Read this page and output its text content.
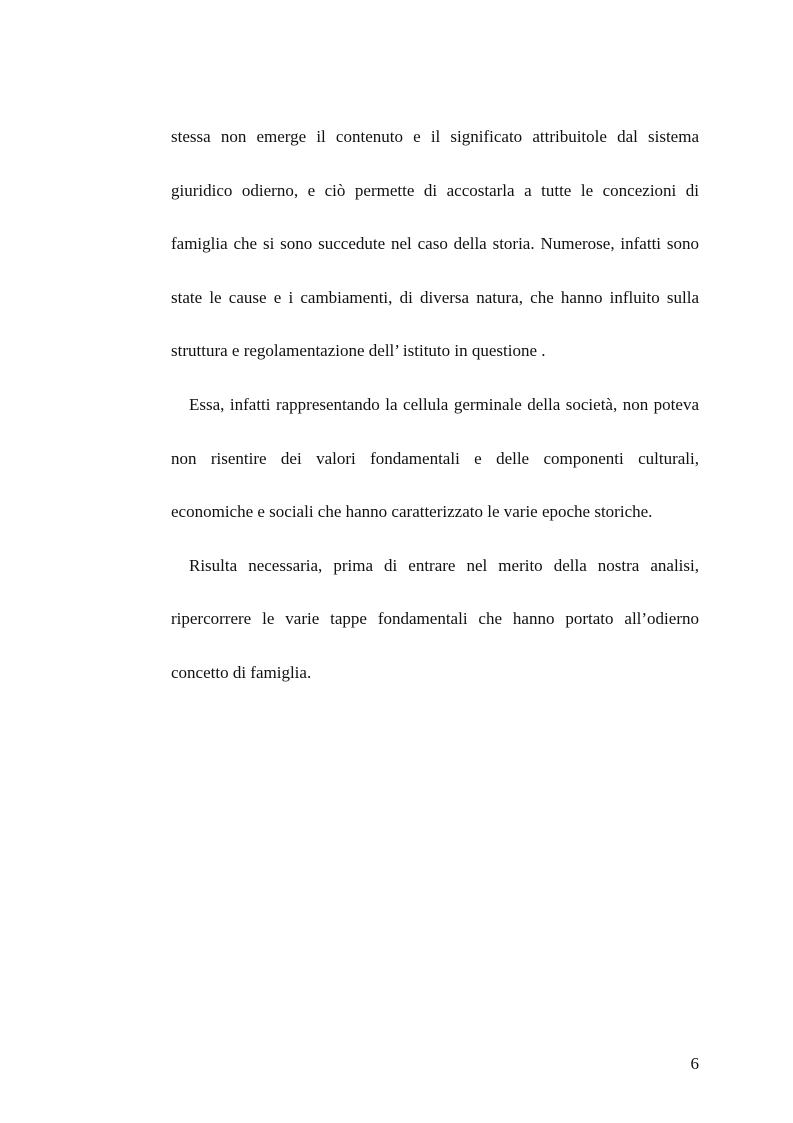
stessa non emerge il contenuto e il significato attribuitole dal sistema giuridico odierno, e ciò permette di accostarla a tutte le concezioni di famiglia che si sono succedute nel caso della storia. Numerose, infatti sono state le cause e i cambiamenti, di diversa natura, che hanno influito sulla struttura e regolamentazione dell’ istituto in questione .

Essa, infatti rappresentando la cellula germinale della società, non poteva non risentire dei valori fondamentali e delle componenti culturali, economiche e sociali che hanno caratterizzato le varie epoche storiche.

Risulta necessaria, prima di entrare nel merito della nostra analisi, ripercorrere le varie tappe fondamentali che hanno portato all’odierno concetto di famiglia.

6
